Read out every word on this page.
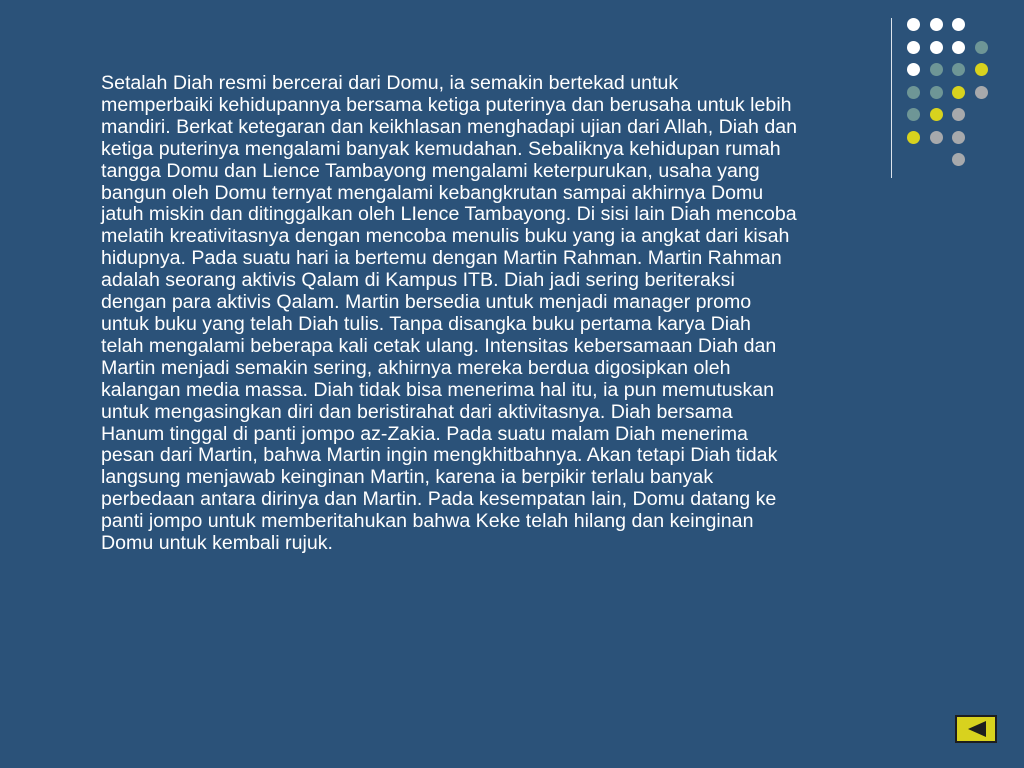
Setalah Diah resmi bercerai dari Domu, ia semakin bertekad untuk
memperbaiki kehidupannya bersama ketiga puterinya dan berusaha untuk lebih
mandiri. Berkat ketegaran dan keikhlasan menghadapi ujian dari Allah, Diah dan
ketiga puterinya mengalami banyak kemudahan. Sebaliknya kehidupan rumah
tangga Domu dan Lience Tambayong mengalami keterpurukan, usaha yang
bangun oleh Domu ternyat mengalami kebangkrutan sampai akhirnya Domu
jatuh miskin dan ditinggalkan oleh LIence Tambayong. Di sisi lain Diah mencoba
melatih kreativitasnya dengan mencoba menulis buku yang ia angkat dari kisah
hidupnya. Pada suatu hari ia bertemu dengan Martin Rahman. Martin Rahman
adalah seorang aktivis Qalam di Kampus ITB. Diah jadi sering beriteraksi
dengan para aktivis Qalam. Martin bersedia untuk menjadi manager promo
untuk buku yang telah Diah tulis. Tanpa disangka buku pertama karya Diah
telah mengalami beberapa kali cetak ulang. Intensitas kebersamaan Diah dan
Martin menjadi semakin sering, akhirnya mereka berdua digosipkan oleh
kalangan media massa. Diah tidak bisa menerima hal itu, ia pun memutuskan
untuk mengasingkan diri dan beristirahat dari aktivitasnya. Diah bersama
Hanum tinggal di panti jompo az-Zakia. Pada suatu malam Diah menerima
pesan dari Martin, bahwa Martin ingin mengkhitbahnya. Akan tetapi Diah tidak
langsung menjawab keinginan Martin, karena ia berpikir terlalu banyak
perbedaan antara dirinya dan Martin. Pada kesempatan lain, Domu datang ke
panti jompo untuk memberitahukan bahwa Keke telah hilang dan keinginan
Domu untuk kembali rujuk.
